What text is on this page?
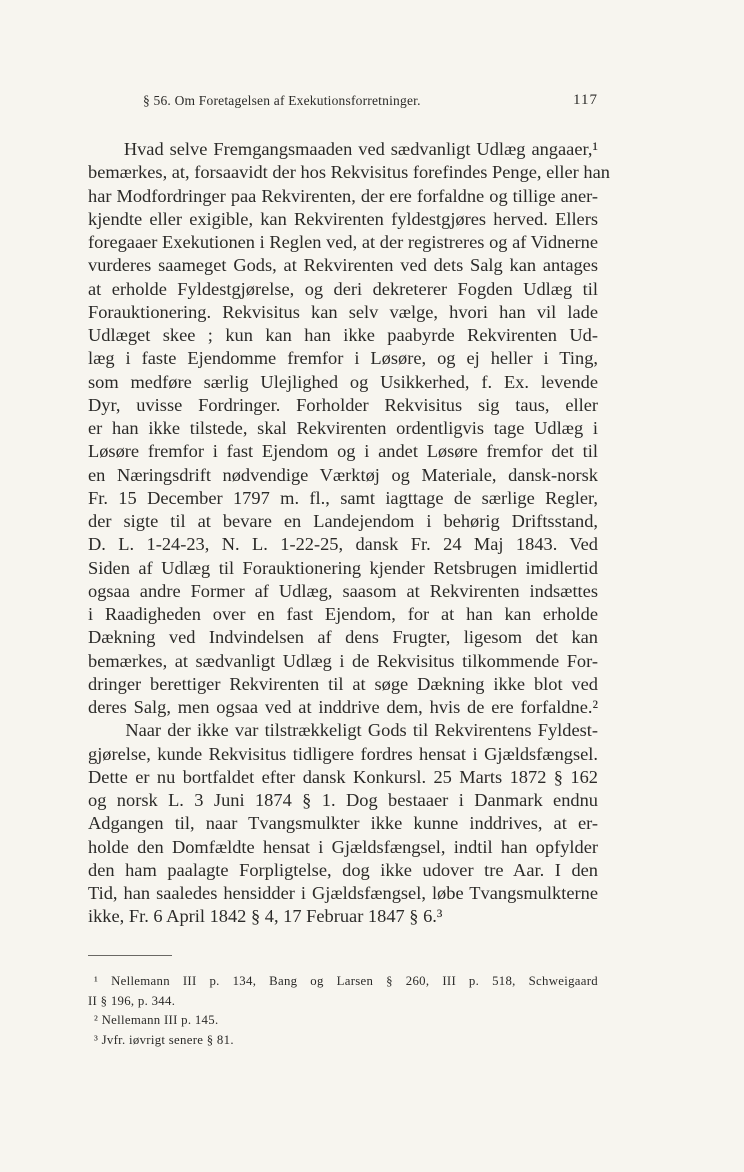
§ 56. Om Foretagelsen af Exekutionsforretninger.	117
Hvad selve Fremgangsmaaden ved sædvanligt Udlæg angaaer,¹
bemærkes, at, forsaavidt der hos Rekvisitus forefindes Penge, eller han
har Modfordringer paa Rekvirenten, der ere forfaldne og tillige aner-
kjendte eller exigible, kan Rekvirenten fyldestgjøres herved. Ellers
foregaaer Exekutionen i Reglen ved, at der registreres og af Vidnerne
vurderes saameget Gods, at Rekvirenten ved dets Salg kan antages
at erholde Fyldestgjørelse, og deri dekreterer Fogden Udlæg til
Forauktionering. Rekvisitus kan selv vælge, hvori han vil lade
Udlæget skee ; kun kan han ikke paabyrde Rekvirenten Ud-
læg i faste Ejendomme fremfor i Løsøre, og ej heller i Ting,
som medføre særlig Ulejlighed og Usikkerhed, f. Ex. levende
Dyr, uvisse Fordringer. Forholder Rekvisitus sig taus, eller
er han ikke tilstede, skal Rekvirenten ordentligvis tage Udlæg i
Løsøre fremfor i fast Ejendom og i andet Løsøre fremfor det til
en Næringsdrift nødvendige Værktøj og Materiale, dansk-norsk
Fr. 15 December 1797 m. fl., samt iagttage de særlige Regler,
der sigte til at bevare en Landejendom i behørig Driftsstand,
D. L. 1-24-23, N. L. 1-22-25, dansk Fr. 24 Maj 1843. Ved
Siden af Udlæg til Forauktionering kjender Retsbrugen imidlertid
ogsaa andre Former af Udlæg, saasom at Rekvirenten indsættes
i Raadigheden over en fast Ejendom, for at han kan erholde
Dækning ved Indvindelsen af dens Frugter, ligesom det kan
bemærkes, at sædvanligt Udlæg i de Rekvisitus tilkommende For-
dringer berettiger Rekvirenten til at søge Dækning ikke blot ved
deres Salg, men ogsaa ved at inddrive dem, hvis de ere forfaldne.²
Naar der ikke var tilstrækkeligt Gods til Rekvirentens Fyldest-
gjørelse, kunde Rekvisitus tidligere fordres hensat i Gjældsfængsel.
Dette er nu bortfaldet efter dansk Konkursl. 25 Marts 1872 § 162
og norsk L. 3 Juni 1874 § 1. Dog bestaaer i Danmark endnu
Adgangen til, naar Tvangsmulkter ikke kunne inddrives, at er-
holde den Domfældte hensat i Gjældsfængsel, indtil han opfylder
den ham paalagte Forpligtelse, dog ikke udover tre Aar. I den
Tid, han saaledes hensidder i Gjældsfængsel, løbe Tvangsmulkterne
ikke, Fr. 6 April 1842 § 4, 17 Februar 1847 § 6.³
¹ Nellemann III p. 134, Bang og Larsen § 260, III p. 518, Schweigaard
II § 196, p. 344.
² Nellemann III p. 145.
³ Jvfr. iøvrigt senere § 81.
